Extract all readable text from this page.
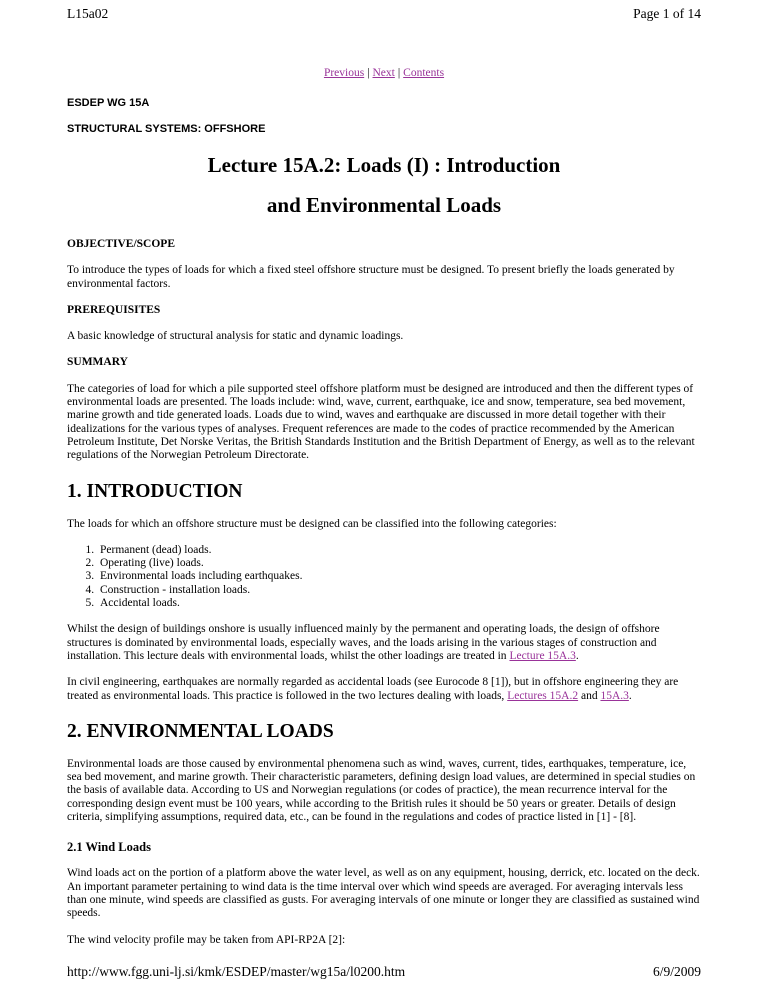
L15a02	Page 1 of 14
Previous | Next | Contents
ESDEP WG 15A
STRUCTURAL SYSTEMS: OFFSHORE
Lecture 15A.2: Loads (I) : Introduction
and Environmental Loads
OBJECTIVE/SCOPE

To introduce the types of loads for which a fixed steel offshore structure must be designed. To present briefly the loads generated by environmental factors.

PREREQUISITES

A basic knowledge of structural analysis for static and dynamic loadings.

SUMMARY

The categories of load for which a pile supported steel offshore platform must be designed are introduced and then the different types of environmental loads are presented. The loads include: wind, wave, current, earthquake, ice and snow, temperature, sea bed movement, marine growth and tide generated loads. Loads due to wind, waves and earthquake are discussed in more detail together with their idealizations for the various types of analyses. Frequent references are made to the codes of practice recommended by the American Petroleum Institute, Det Norske Veritas, the British Standards Institution and the British Department of Energy, as well as to the relevant regulations of the Norwegian Petroleum Directorate.

1. INTRODUCTION

The loads for which an offshore structure must be designed can be classified into the following categories:

1. Permanent (dead) loads.
2. Operating (live) loads.
3. Environmental loads including earthquakes.
4. Construction - installation loads.
5. Accidental loads.

Whilst the design of buildings onshore is usually influenced mainly by the permanent and operating loads, the design of offshore structures is dominated by environmental loads, especially waves, and the loads arising in the various stages of construction and installation. This lecture deals with environmental loads, whilst the other loadings are treated in Lecture 15A.3.

In civil engineering, earthquakes are normally regarded as accidental loads (see Eurocode 8 [1]), but in offshore engineering they are treated as environmental loads. This practice is followed in the two lectures dealing with loads, Lectures 15A.2 and 15A.3.

2. ENVIRONMENTAL LOADS

Environmental loads are those caused by environmental phenomena such as wind, waves, current, tides, earthquakes, temperature, ice, sea bed movement, and marine growth. Their characteristic parameters, defining design load values, are determined in special studies on the basis of available data. According to US and Norwegian regulations (or codes of practice), the mean recurrence interval for the corresponding design event must be 100 years, while according to the British rules it should be 50 years or greater. Details of design criteria, simplifying assumptions, required data, etc., can be found in the regulations and codes of practice listed in [1] - [8].

2.1 Wind Loads

Wind loads act on the portion of a platform above the water level, as well as on any equipment, housing, derrick, etc. located on the deck. An important parameter pertaining to wind data is the time interval over which wind speeds are averaged. For averaging intervals less than one minute, wind speeds are classified as gusts. For averaging intervals of one minute or longer they are classified as sustained wind speeds.

The wind velocity profile may be taken from API-RP2A [2]:

http://www.fgg.uni-lj.si/kmk/ESDEP/master/wg15a/l0200.htm	6/9/2009
